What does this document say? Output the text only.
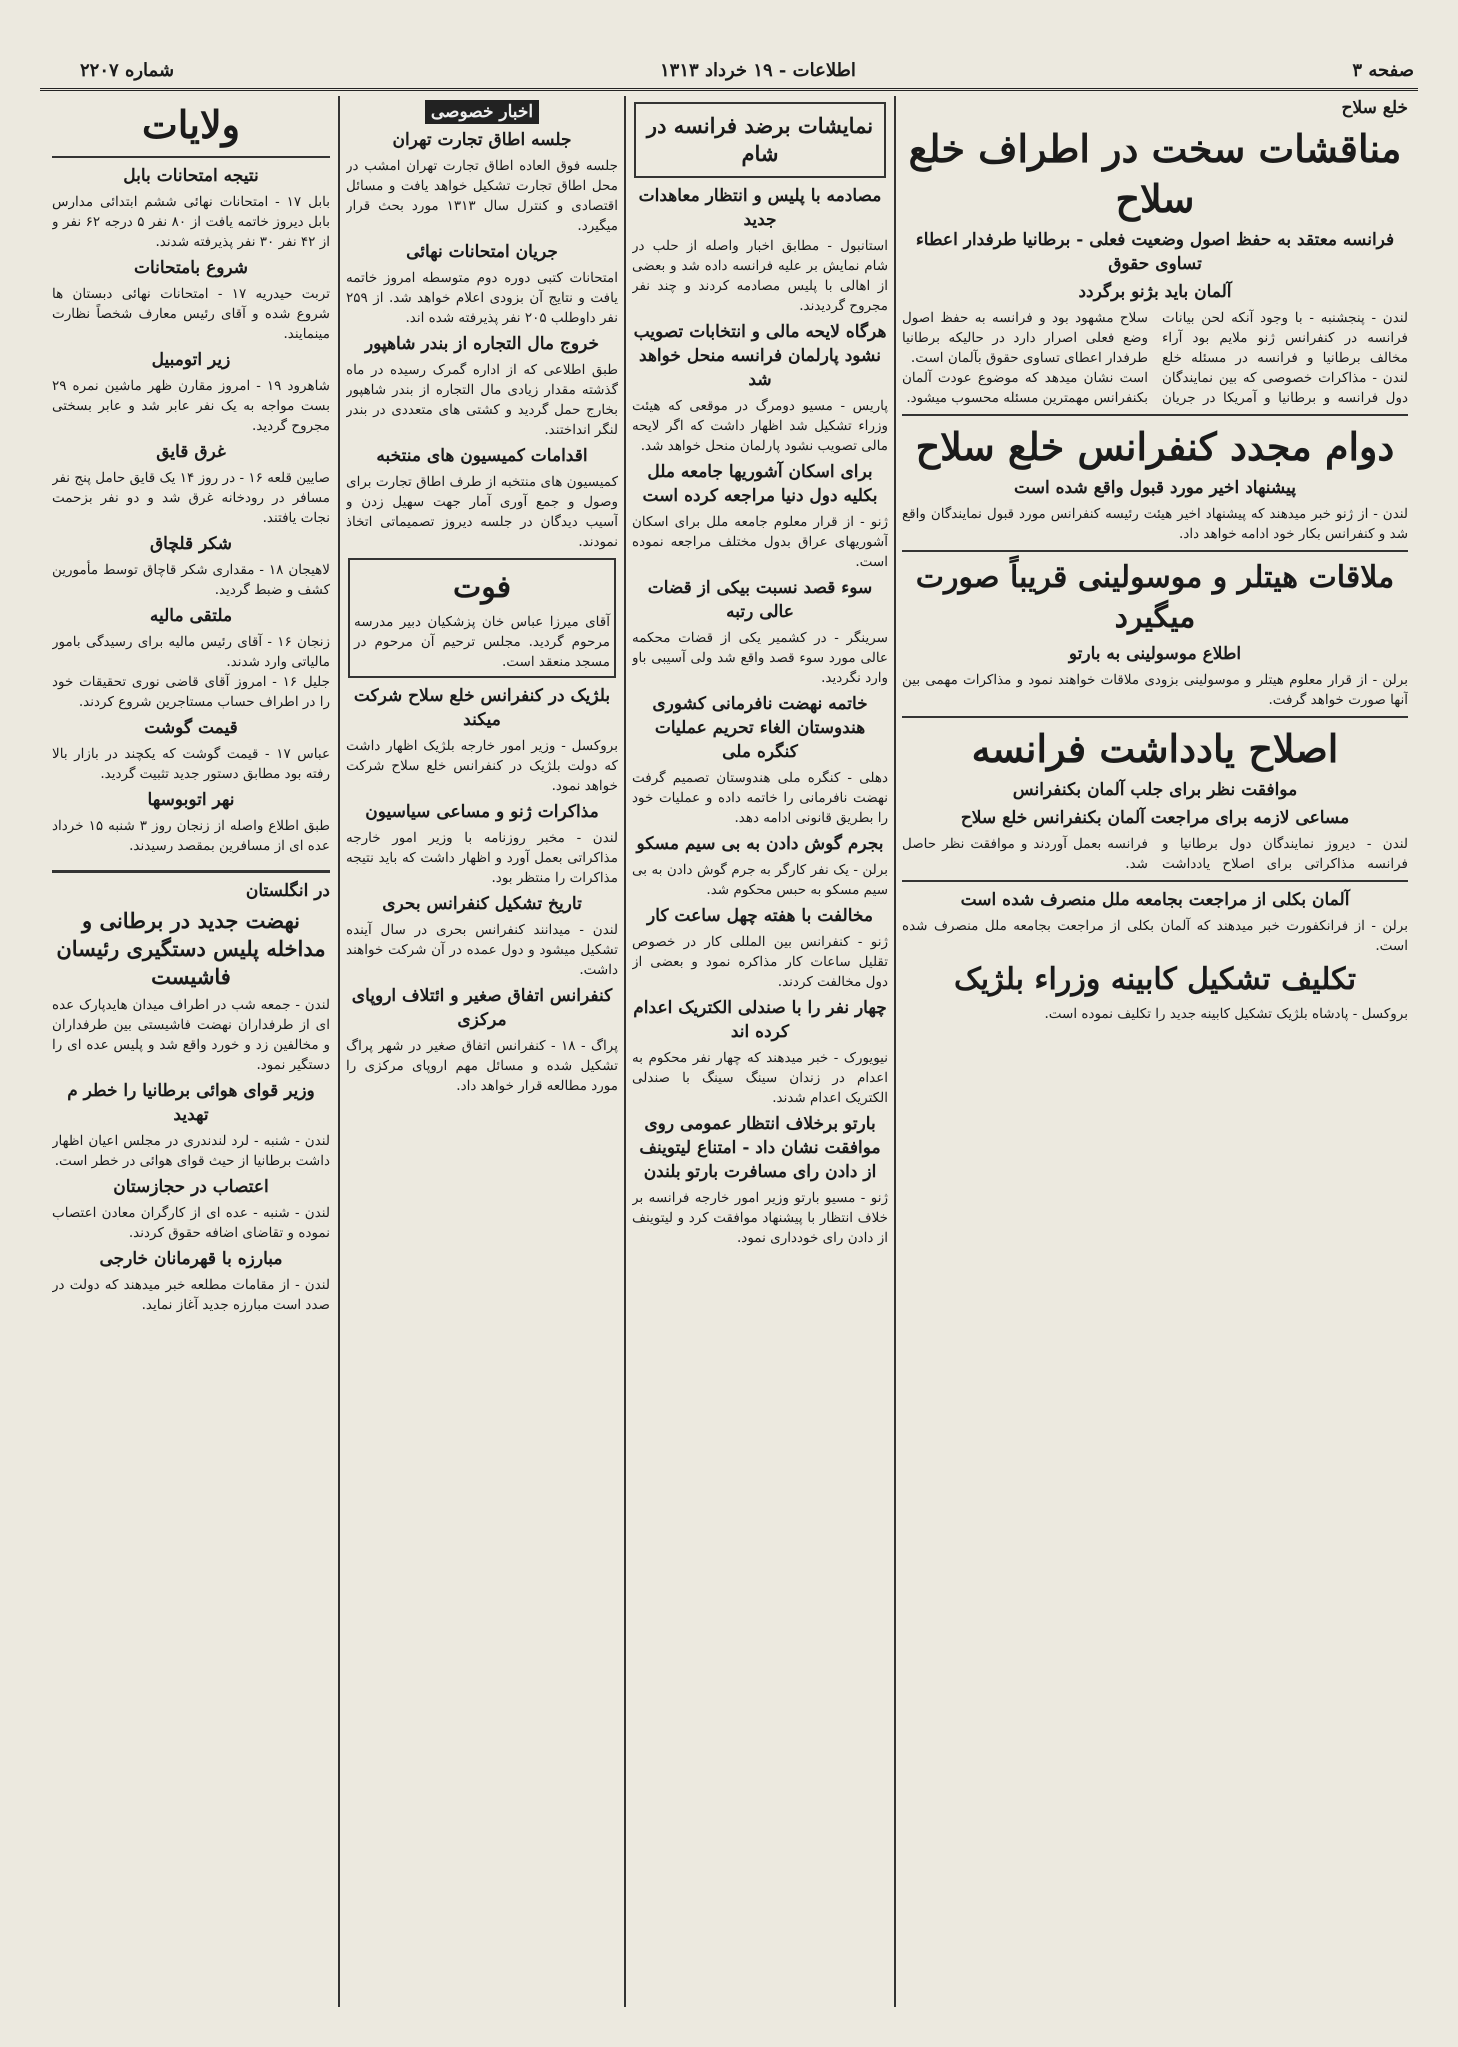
شماره ۲۲۰۷	اطلاعات - ۱۹ خرداد ۱۳۱۳	صفحه ۳
ولایات
نتیجه امتحانات بابل
بابل ۱۷ - امتحانات نهائی ششم ابتدائی مدارس بابل دیروز خاتمه یافت از ۸۰ نفر ۵ درجه ۶۲ نفر و از ۴۲ نفر ۳۰ نفر پذیرفته شدند.
شروع بامتحانات
تربت حیدریه ۱۷ - امتحانات نهائی دبستان ها شروع شده و آقای رئیس معارف شخصاً نظارت مینمایند.
زیر اتومبیل
شاهرود ۱۹ - امروز مقارن ظهر ماشین نمره ۲۹ بست مواجه به یک نفر عابر شد و عابر بسختی مجروح گردید.
غرق قایق
صایین قلعه ۱۶ - در روز ۱۴ یک قایق حامل پنج نفر مسافر در رودخانه غرق شد و دو نفر بزحمت نجات یافتند.
شکر قلچاق
لاهیجان ۱۸ - مقداری شکر قاچاق توسط مأمورین کشف و ضبط گردید.
ملتقی مالیه
زنجان ۱۶ - آقای رئیس مالیه برای رسیدگی بامور مالیاتی وارد شدند.
جلیل ۱۶ - امروز آقای قاضی نوری تحقیقات خود را در اطراف حساب مستاجرین شروع کردند.
قیمت گوشت
عباس ۱۷ - قیمت گوشت که یکچند در بازار بالا رفته بود مطابق دستور جدید تثبیت گردید.
نهر اتوبوسها
طبق اطلاع واصله از زنجان روز ۳ شنبه ۱۵ خرداد عده ای از مسافرین بمقصد رسیدند.
در انگلستان
نهضت جدید در برطانی و مداخله پلیس دستگیری رئیسان فاشیست
لندن - جمعه شب در اطراف میدان هایدپارک عده ای از طرفداران نهضت فاشیستی بین طرفداران و مخالفین زد و خورد واقع شد و پلیس عده ای را دستگیر نمود.
وزیر قوای هوائی برطانیا را خطر م تهدید
لندن - شنبه - لرد لندندری در مجلس اعیان اظهار داشت برطانیا از حیث قوای هوائی در خطر است.
اعتصاب در حجازستان
لندن - شنبه - عده ای از کارگران معادن اعتصاب نموده و تقاضای اضافه حقوق کردند.
مبارزه با قهرمانان خارجی
لندن - از مقامات مطلعه خبر میدهند که دولت در صدد است مبارزه جدید آغاز نماید.
اخبار خصوصی
جلسه اطاق تجارت تهران
جلسه فوق العاده اطاق تجارت تهران امشب در محل اطاق تجارت تشکیل خواهد یافت و مسائل اقتصادی و کنترل سال ۱۳۱۳ مورد بحث قرار میگیرد.
جریان امتحانات نهائی
امتحانات کتبی دوره دوم متوسطه امروز خاتمه یافت و نتایج آن بزودی اعلام خواهد شد. از ۲۵۹ نفر داوطلب ۲۰۵ نفر پذیرفته شده اند.
خروج مال التجاره از بندر شاهپور
طبق اطلاعی که از اداره گمرک رسیده در ماه گذشته مقدار زیادی مال التجاره از بندر شاهپور بخارج حمل گردید و کشتی های متعددی در بندر لنگر انداختند.
اقدامات کمیسیون های منتخبه
کمیسیون های منتخبه از طرف اطاق تجارت برای وصول و جمع آوری آمار جهت سهیل زدن و آسیب دیدگان در جلسه دیروز تصمیماتی اتخاذ نمودند.
فوت
آقای میرزا عباس خان پزشکیان دبیر مدرسه مرحوم گردید. مجلس ترحیم آن مرحوم در مسجد منعقد است.
بلژیک در کنفرانس خلع سلاح شرکت میکند
بروکسل - وزیر امور خارجه بلژیک اظهار داشت که دولت بلژیک در کنفرانس خلع سلاح شرکت خواهد نمود.
مذاکرات ژنو و مساعی سیاسیون
لندن - مخبر روزنامه با وزیر امور خارجه مذاکراتی بعمل آورد و اظهار داشت که باید نتیجه مذاکرات را منتظر بود.
تاریخ تشکیل کنفرانس بحری
لندن - میدانند کنفرانس بحری در سال آینده تشکیل میشود و دول عمده در آن شرکت خواهند داشت.
کنفرانس اتفاق صغیر و ائتلاف اروپای مرکزی
پراگ - ۱۸ - کنفرانس اتفاق صغیر در شهر پراگ تشکیل شده و مسائل مهم اروپای مرکزی را مورد مطالعه قرار خواهد داد.
نمایشات برضد فرانسه در شام
مصادمه با پلیس و انتظار معاهدات جدید
استانبول - مطابق اخبار واصله از حلب در شام نمایش بر علیه فرانسه داده شد و بعضی از اهالی با پلیس مصادمه کردند و چند نفر مجروح گردیدند.
هرگاه لایحه مالی و انتخابات تصویب نشود پارلمان فرانسه منحل خواهد شد
پاریس - مسیو دومرگ در موقعی که هیئت وزراء تشکیل شد اظهار داشت که اگر لایحه مالی تصویب نشود پارلمان منحل خواهد شد.
برای اسکان آشوریها جامعه ملل بکلیه دول دنیا مراجعه کرده است
ژنو - از قرار معلوم جامعه ملل برای اسکان آشوریهای عراق بدول مختلف مراجعه نموده است.
سوء قصد نسبت بیکی از قضات عالی رتبه
سرینگر - در کشمیر یکی از قضات محکمه عالی مورد سوء قصد واقع شد ولی آسیبی باو وارد نگردید.
خاتمه نهضت نافرمانی کشوری هندوستان الغاء تحریم عملیات کنگره ملی
دهلی - کنگره ملی هندوستان تصمیم گرفت نهضت نافرمانی را خاتمه داده و عملیات خود را بطریق قانونی ادامه دهد.
بجرم گوش دادن به بی سیم مسکو
برلن - یک نفر کارگر به جرم گوش دادن به بی سیم مسکو به حبس محکوم شد.
مخالفت با هفته چهل ساعت کار
ژنو - کنفرانس بین المللی کار در خصوص تقلیل ساعات کار مذاکره نمود و بعضی از دول مخالفت کردند.
چهار نفر را با صندلی الکتریک اعدام کرده اند
نیویورک - خبر میدهند که چهار نفر محکوم به اعدام در زندان سینگ سینگ با صندلی الکتریک اعدام شدند.
بارتو برخلاف انتظار عمومی روی موافقت نشان داد - امتناع لیتوینف از دادن رای مسافرت بارتو بلندن
ژنو - مسیو بارتو وزیر امور خارجه فرانسه بر خلاف انتظار با پیشنهاد موافقت کرد و لیتوینف از دادن رای خودداری نمود.
خلع سلاح
مناقشات سخت در اطراف خلع سلاح
فرانسه معتقد به حفظ اصول وضعیت فعلی - برطانیا طرفدار اعطاء تساوی حقوق
آلمان باید بژنو برگردد
لندن - پنجشنبه - با وجود آنکه لحن بیانات فرانسه در کنفرانس ژنو ملایم بود آراء مخالف برطانیا و فرانسه در مسئله خلع سلاح مشهود بود و فرانسه به حفظ اصول وضع فعلی اصرار دارد در حالیکه برطانیا طرفدار اعطای تساوی حقوق بآلمان است.
لندن - مذاکرات خصوصی که بین نمایندگان دول فرانسه و برطانیا و آمریکا در جریان است نشان میدهد که موضوع عودت آلمان بکنفرانس مهمترین مسئله محسوب میشود.
دوام مجدد کنفرانس خلع سلاح
پیشنهاد اخیر مورد قبول واقع شده است
لندن - از ژنو خبر میدهند که پیشنهاد اخیر هیئت رئیسه کنفرانس مورد قبول نمایندگان واقع شد و کنفرانس بکار خود ادامه خواهد داد.
ملاقات هیتلر و موسولینی قریباً صورت میگیرد
اطلاع موسولینی به بارتو
برلن - از قرار معلوم هیتلر و موسولینی بزودی ملاقات خواهند نمود و مذاکرات مهمی بین آنها صورت خواهد گرفت.
اصلاح یادداشت فرانسه
موافقت نظر برای جلب آلمان بکنفرانس
مساعی لازمه برای مراجعت آلمان بکنفرانس خلع سلاح
لندن - دیروز نمایندگان دول برطانیا و فرانسه مذاکراتی برای اصلاح یادداشت فرانسه بعمل آوردند و موافقت نظر حاصل شد.
آلمان بکلی از مراجعت بجامعه ملل منصرف شده است
برلن - از فرانکفورت خبر میدهند که آلمان بکلی از مراجعت بجامعه ملل منصرف شده است.
تکلیف تشکیل کابینه وزراء بلژیک
بروکسل - پادشاه بلژیک تشکیل کابینه جدید را تکلیف نموده است.
